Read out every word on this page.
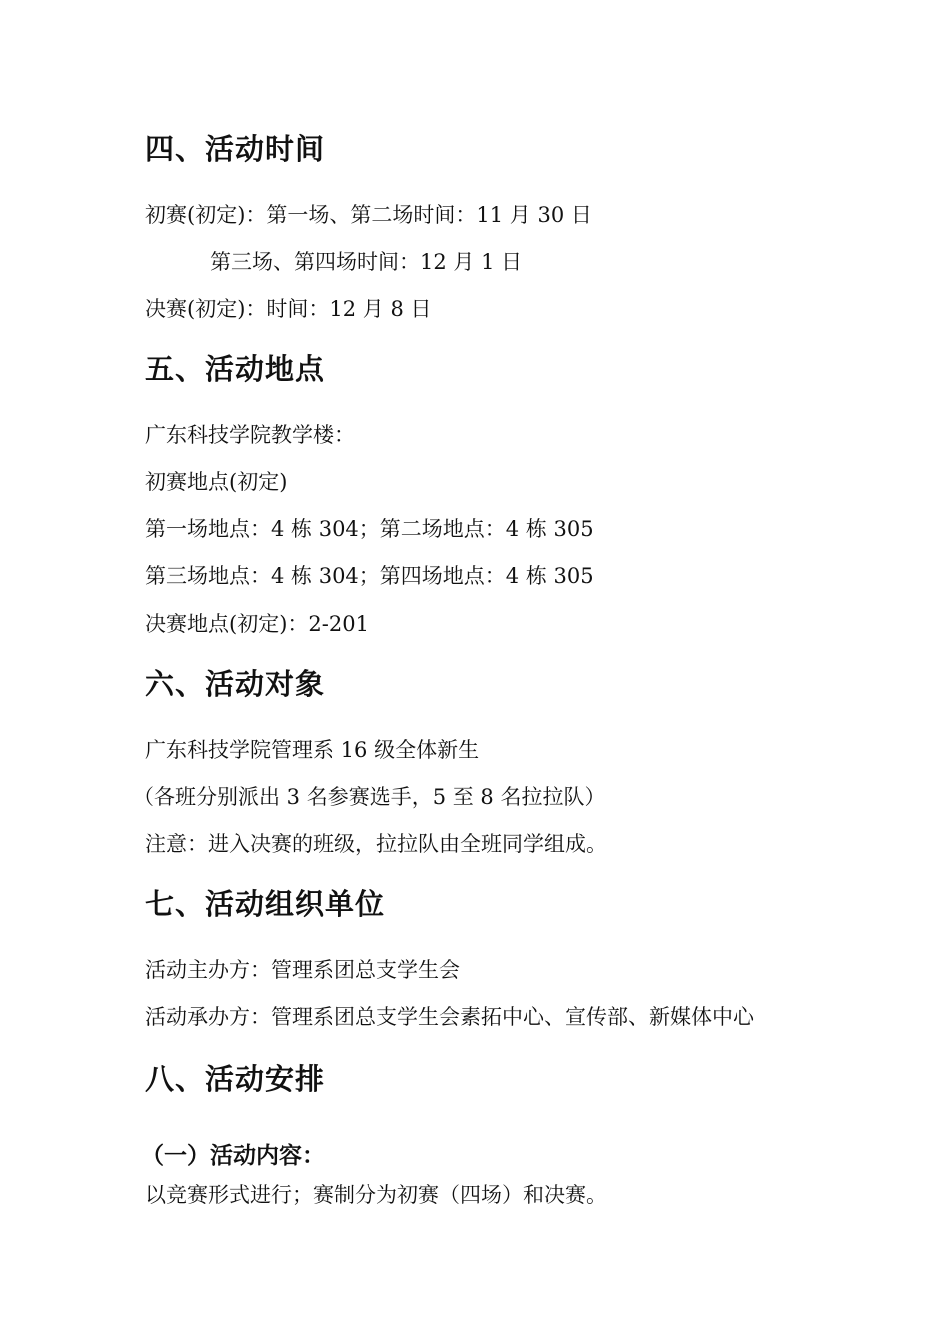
四、活动时间
初赛(初定)：第一场、第二场时间：11 月 30 日
第三场、第四场时间：12 月 1 日
决赛(初定)：时间：12 月 8 日
五、活动地点
广东科技学院教学楼：
初赛地点(初定)
第一场地点：4 栋 304；第二场地点：4 栋 305
第三场地点：4 栋 304；第四场地点：4 栋 305
决赛地点(初定)：2-201
六、活动对象
广东科技学院管理系 16 级全体新生
（各班分别派出 3 名参赛选手，5 至 8 名拉拉队）
注意：进入决赛的班级，拉拉队由全班同学组成。
七、活动组织单位
活动主办方：管理系团总支学生会
活动承办方：管理系团总支学生会素拓中心、宣传部、新媒体中心
八、活动安排
（一）活动内容：
以竞赛形式进行；赛制分为初赛（四场）和决赛。
